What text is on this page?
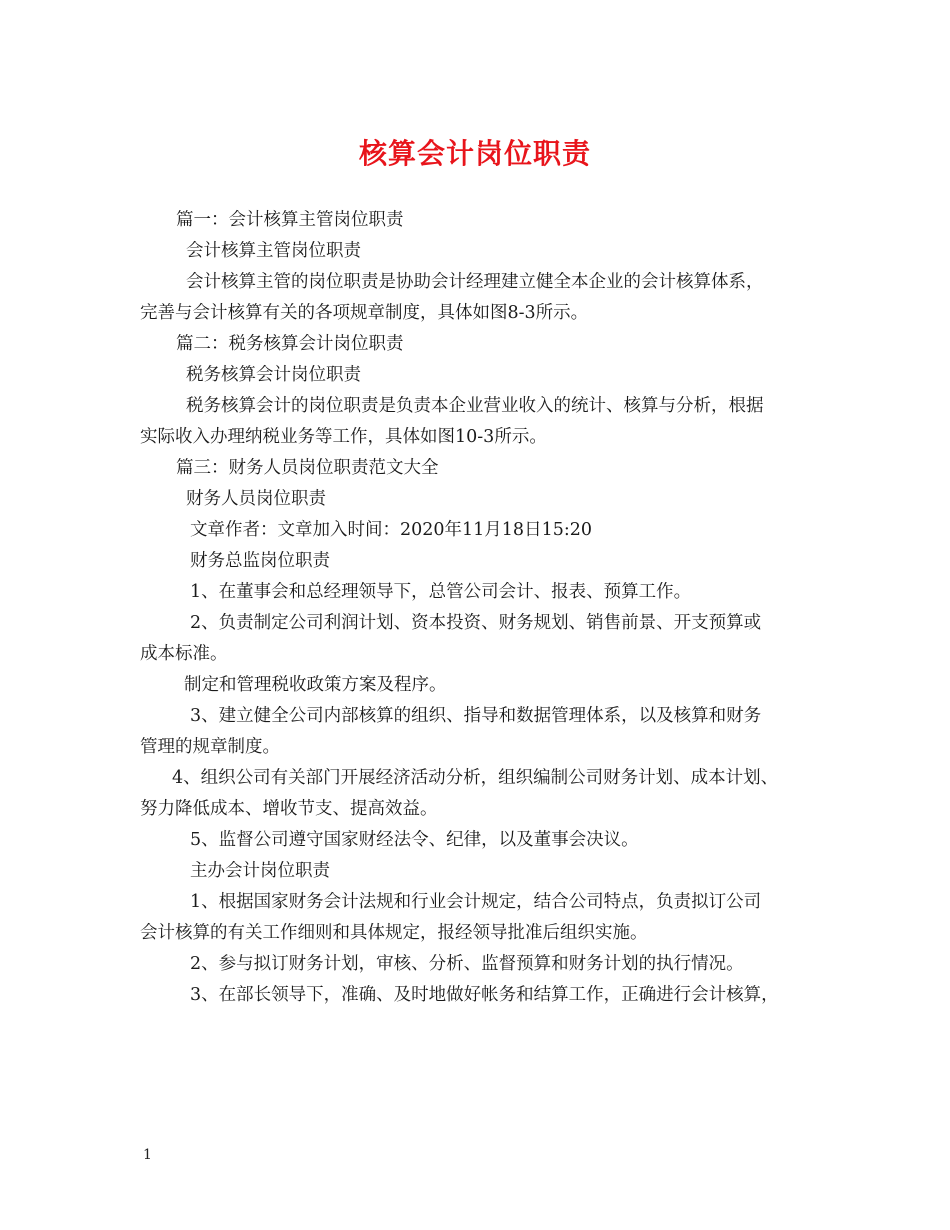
核算会计岗位职责
篇一：会计核算主管岗位职责
会计核算主管岗位职责
会计核算主管的岗位职责是协助会计经理建立健全本企业的会计核算体系，
完善与会计核算有关的各项规章制度，具体如图8-3所示。
篇二：税务核算会计岗位职责
税务核算会计岗位职责
税务核算会计的岗位职责是负责本企业营业收入的统计、核算与分析，根据
实际收入办理纳税业务等工作，具体如图10-3所示。
篇三：财务人员岗位职责范文大全
财务人员岗位职责
文章作者：文章加入时间：2020年11月18日15:20
财务总监岗位职责
1、在董事会和总经理领导下，总管公司会计、报表、预算工作。
2、负责制定公司利润计划、资本投资、财务规划、销售前景、开支预算或
成本标准。
制定和管理税收政策方案及程序。
3、建立健全公司内部核算的组织、指导和数据管理体系，以及核算和财务
管理的规章制度。
4、组织公司有关部门开展经济活动分析，组织编制公司财务计划、成本计划、
努力降低成本、增收节支、提高效益。
5、监督公司遵守国家财经法令、纪律，以及董事会决议。
主办会计岗位职责
1、根据国家财务会计法规和行业会计规定，结合公司特点，负责拟订公司
会计核算的有关工作细则和具体规定，报经领导批准后组织实施。
2、参与拟订财务计划，审核、分析、监督预算和财务计划的执行情况。
3、在部长领导下，准确、及时地做好帐务和结算工作，正确进行会计核算，
1
